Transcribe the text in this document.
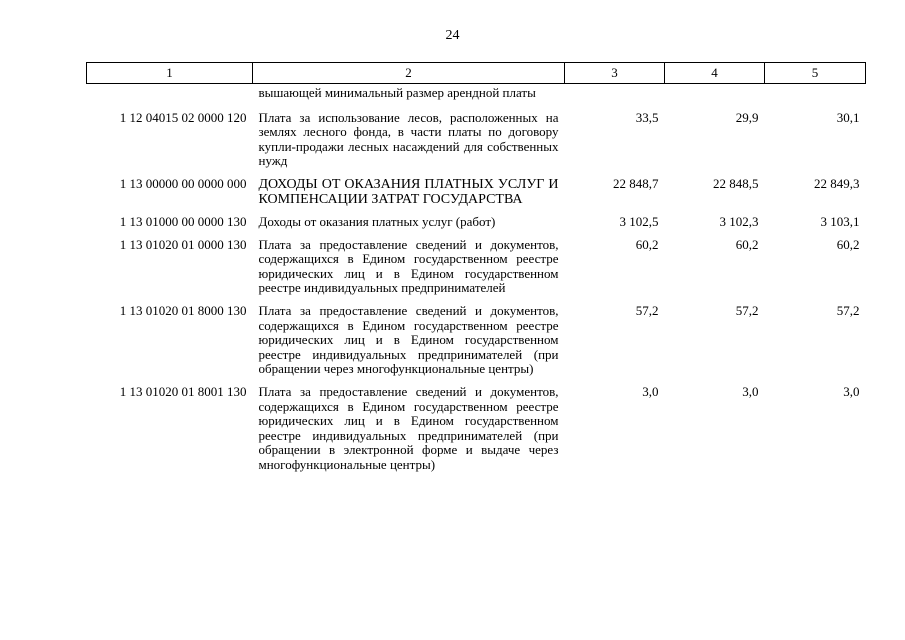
24
1	2	3	4	5
	вышающей минимальный размер арендной платы			
1 12 04015 02 0000 120	Плата за использование лесов, расположенных на землях лесного фонда, в части платы по договору купли-продажи лесных насаждений для собственных нужд	33,5	29,9	30,1
1 13 00000 00 0000 000	ДОХОДЫ ОТ ОКАЗАНИЯ ПЛАТНЫХ УСЛУГ И КОМПЕНСАЦИИ ЗАТРАТ ГОСУДАРСТВА	22 848,7	22 848,5	22 849,3
1 13 01000 00 0000 130	Доходы от оказания платных услуг (работ)	3 102,5	3 102,3	3 103,1
1 13 01020 01 0000 130	Плата за предоставление сведений и документов, содержащихся в Едином государственном реестре юридических лиц и в Едином государственном реестре индивидуальных предпринимателей	60,2	60,2	60,2
1 13 01020 01 8000 130	Плата за предоставление сведений и документов, содержащихся в Едином государственном реестре юридических лиц и в Едином государственном реестре индивидуальных предпринимателей (при обращении через многофункциональные центры)	57,2	57,2	57,2
1 13 01020 01 8001 130	Плата за предоставление сведений и документов, содержащихся в Едином государственном реестре юридических лиц и в Едином государственном реестре индивидуальных предпринимателей (при обращении в электронной форме и выдаче через многофункциональные центры)	3,0	3,0	3,0
